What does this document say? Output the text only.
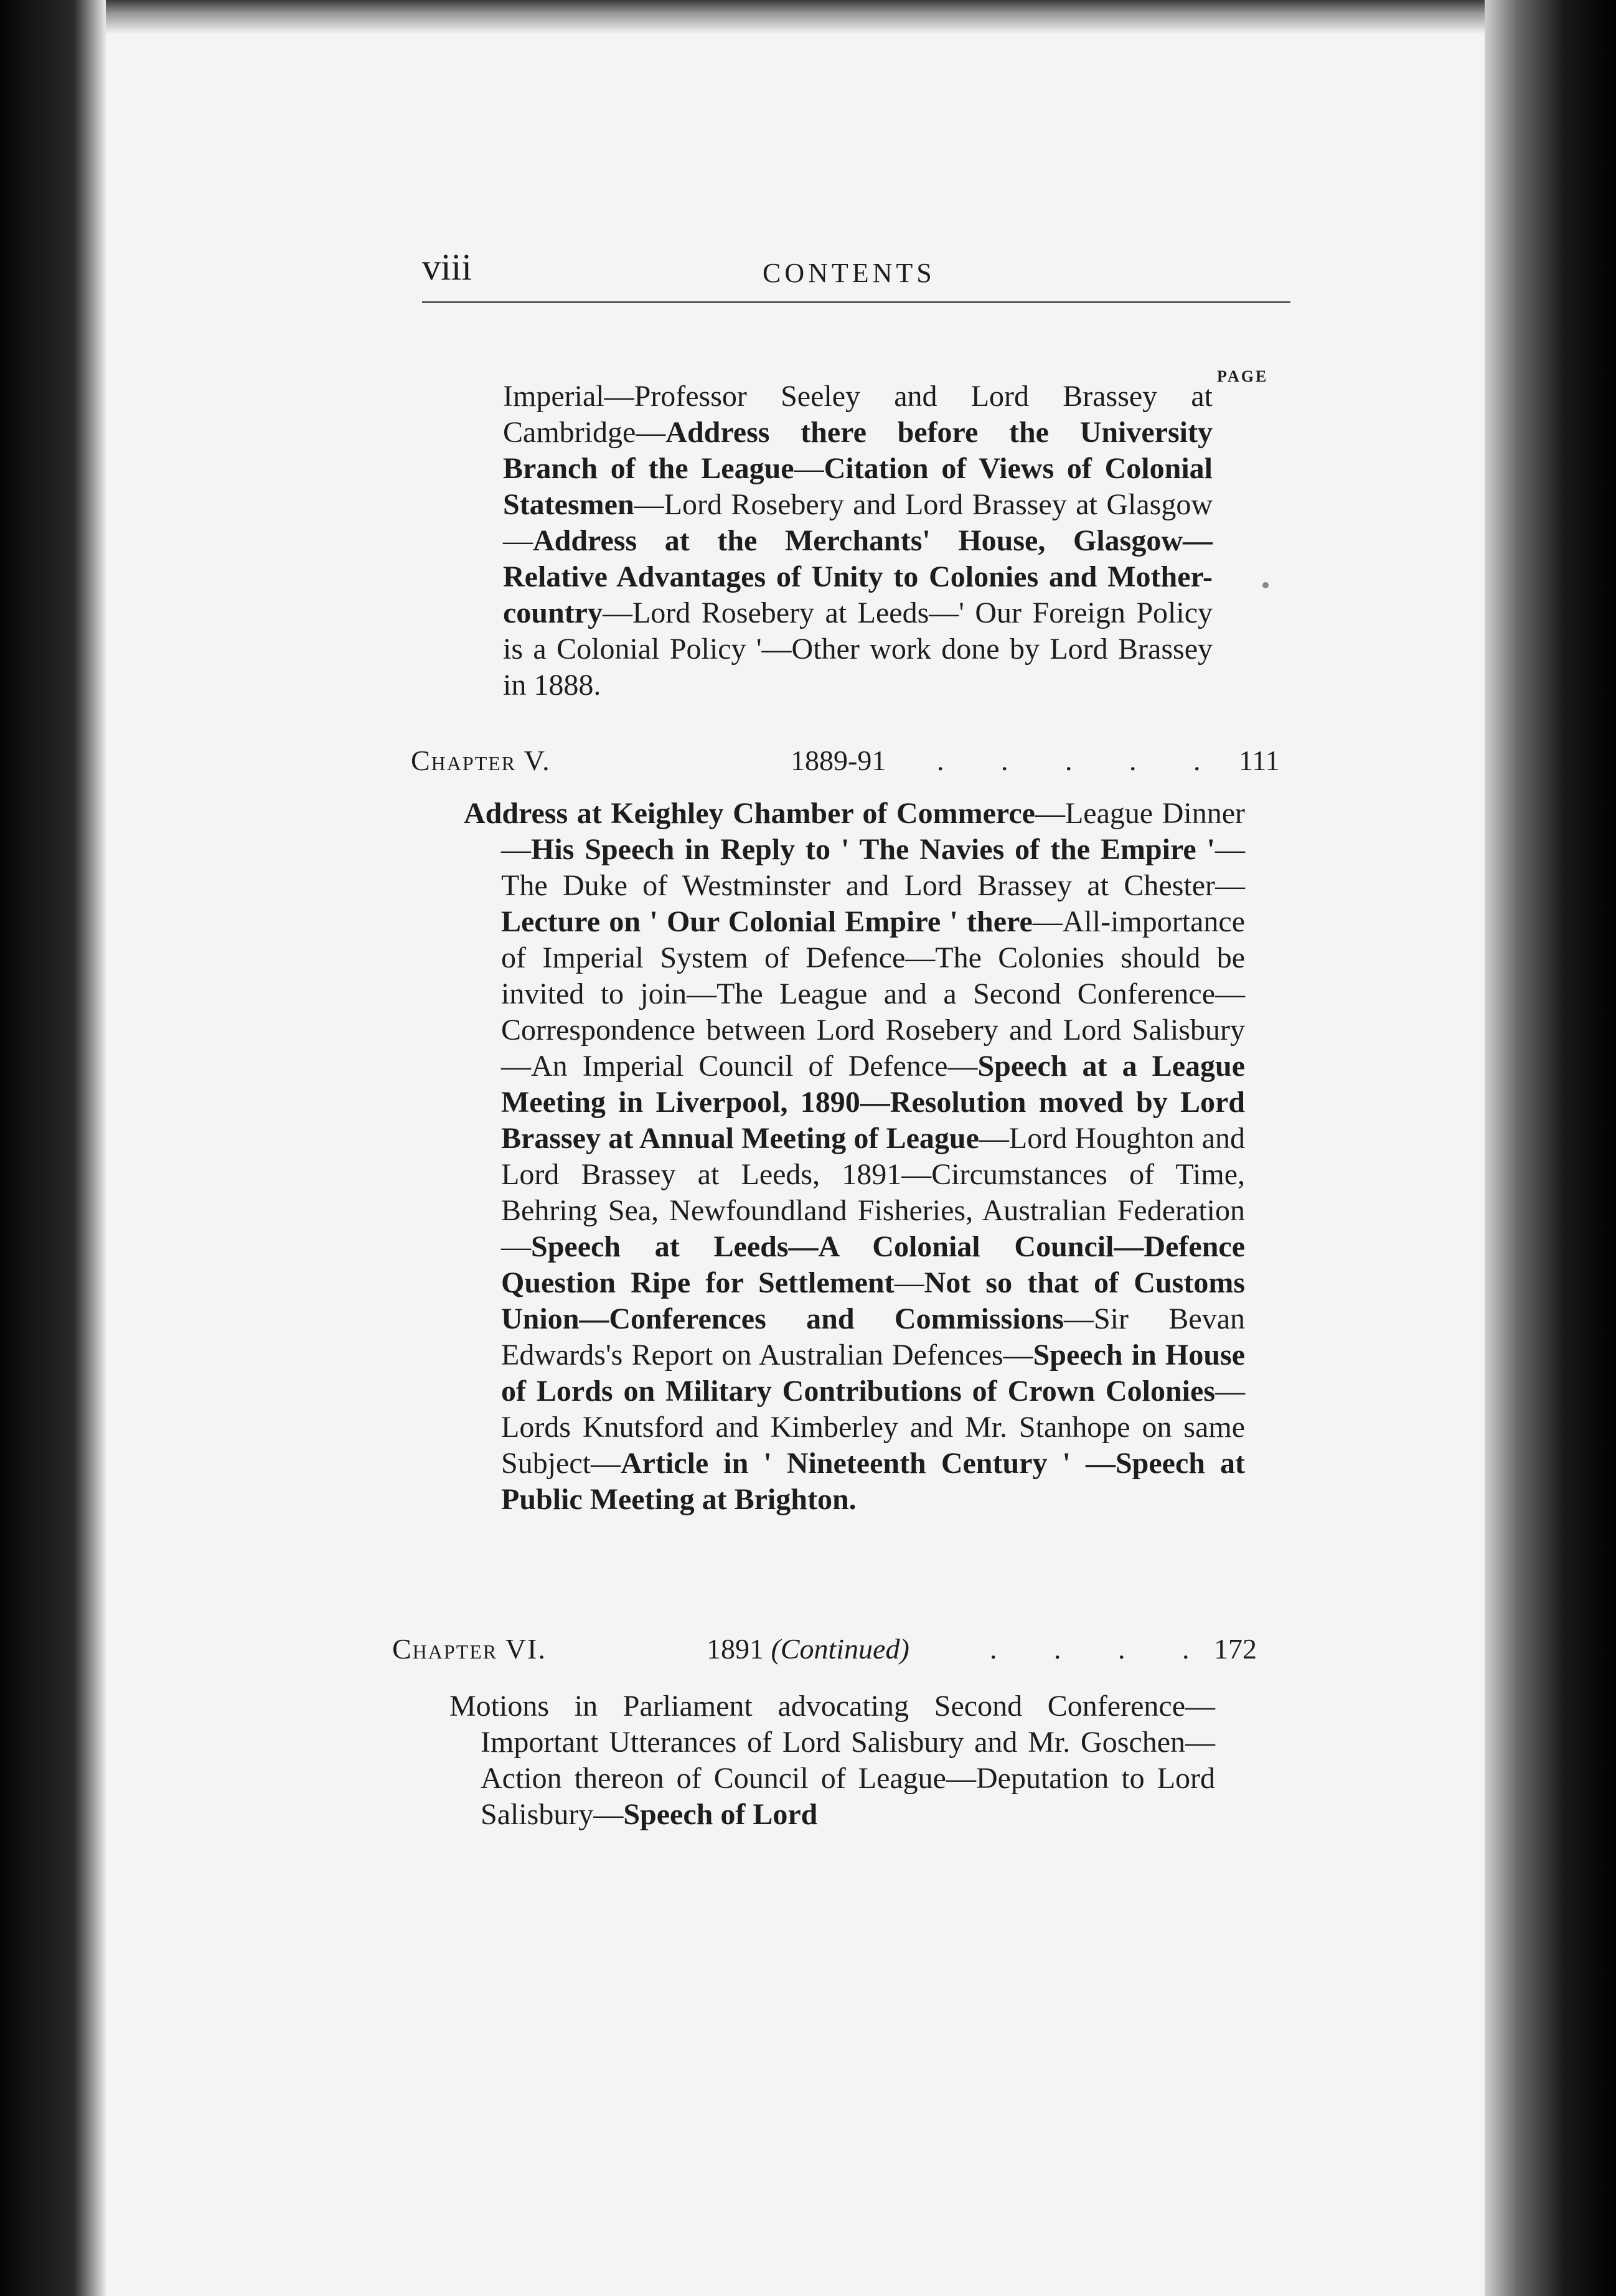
viii	CONTENTS
PAGE
Imperial—Professor Seeley and Lord Brassey at Cambridge—Address there before the University Branch of the League—Citation of Views of Colonial Statesmen—Lord Rosebery and Lord Brassey at Glasgow—Address at the Merchants' House, Glasgow—Relative Advantages of Unity to Colonies and Mother-country—Lord Rosebery at Leeds—' Our Foreign Policy is a Colonial Policy '—Other work done by Lord Brassey in 1888.
Chapter V.	1889-91 . . . . . 111
Address at Keighley Chamber of Commerce—League Dinner—His Speech in Reply to ' The Navies of the Empire '—The Duke of Westminster and Lord Brassey at Chester—Lecture on ' Our Colonial Empire ' there—All-importance of Imperial System of Defence—The Colonies should be invited to join—The League and a Second Conference—Correspondence between Lord Rosebery and Lord Salisbury—An Imperial Council of Defence—Speech at a League Meeting in Liverpool, 1890—Resolution moved by Lord Brassey at Annual Meeting of League—Lord Houghton and Lord Brassey at Leeds, 1891—Circumstances of Time, Behring Sea, Newfoundland Fisheries, Australian Federation—Speech at Leeds—A Colonial Council—Defence Question Ripe for Settlement—Not so that of Customs Union—Conferences and Commissions—Sir Bevan Edwards's Report on Australian Defences—Speech in House of Lords on Military Contributions of Crown Colonies—Lords Knutsford and Kimberley and Mr. Stanhope on same Subject—Article in ' Nineteenth Century ' —Speech at Public Meeting at Brighton.
Chapter VI.	1891 (Continued)	. . . . 172
Motions in Parliament advocating Second Conference—Important Utterances of Lord Salisbury and Mr. Goschen—Action thereon of Council of League—Deputation to Lord Salisbury—Speech of Lord
